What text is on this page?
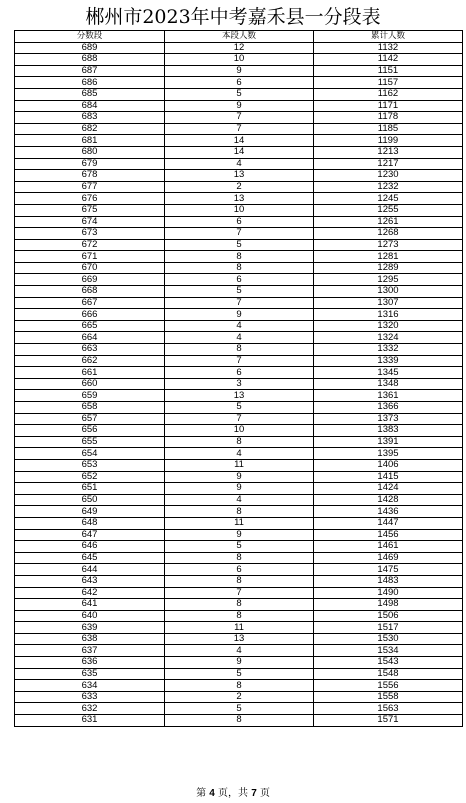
郴州市2023年中考嘉禾县一分段表
分数段	本段人数	累计人数
689	12	1132
688	10	1142
687	9	1151
686	6	1157
685	5	1162
684	9	1171
683	7	1178
682	7	1185
681	14	1199
680	14	1213
679	4	1217
678	13	1230
677	2	1232
676	13	1245
675	10	1255
674	6	1261
673	7	1268
672	5	1273
671	8	1281
670	8	1289
669	6	1295
668	5	1300
667	7	1307
666	9	1316
665	4	1320
664	4	1324
663	8	1332
662	7	1339
661	6	1345
660	3	1348
659	13	1361
658	5	1366
657	7	1373
656	10	1383
655	8	1391
654	4	1395
653	11	1406
652	9	1415
651	9	1424
650	4	1428
649	8	1436
648	11	1447
647	9	1456
646	5	1461
645	8	1469
644	6	1475
643	8	1483
642	7	1490
641	8	1498
640	8	1506
639	11	1517
638	13	1530
637	4	1534
636	9	1543
635	5	1548
634	8	1556
633	2	1558
632	5	1563
631	8	1571
第 4 页，共 7 页
